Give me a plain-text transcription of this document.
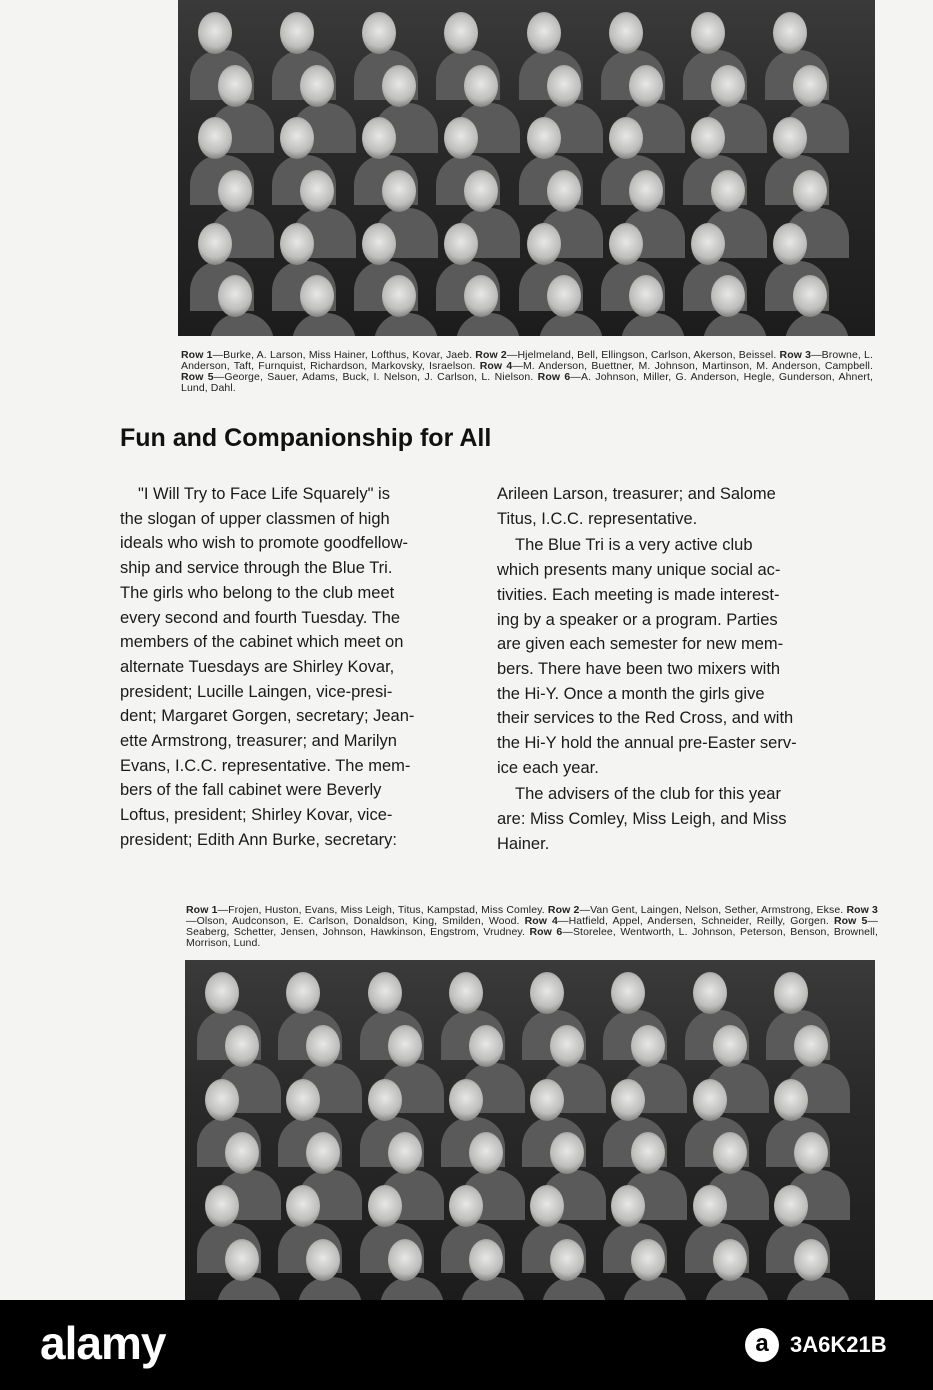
Row 1—Burke, A. Larson, Miss Hainer, Lofthus, Kovar, Jaeb. Row 2—Hjelmeland, Bell, Ellingson, Carlson, Akerson, Beissel. Row 3—Browne, L. Anderson, Taft, Furnquist, Richardson, Markovsky, Israelson. Row 4—M. Anderson, Buettner, M. Johnson, Martinson, M. Anderson, Campbell. Row 5—George, Sauer, Adams, Buck, I. Nelson, J. Carlson, L. Nielson. Row 6—A. Johnson, Miller, G. Anderson, Hegle, Gunderson, Ahnert, Lund, Dahl.
Fun and Companionship for All
"I Will Try to Face Life Squarely" is
the slogan of upper classmen of high
ideals who wish to promote goodfellow-
ship and service through the Blue Tri.
The girls who belong to the club meet
every second and fourth Tuesday. The
members of the cabinet which meet on
alternate Tuesdays are Shirley Kovar,
president; Lucille Laingen, vice-presi-
dent; Margaret Gorgen, secretary; Jean-
ette Armstrong, treasurer; and Marilyn
Evans, I.C.C. representative. The mem-
bers of the fall cabinet were Beverly
Loftus, president; Shirley Kovar, vice-
president; Edith Ann Burke, secretary:
Arileen Larson, treasurer; and Salome
Titus, I.C.C. representative.
The Blue Tri is a very active club
which presents many unique social ac-
tivities. Each meeting is made interest-
ing by a speaker or a program. Parties
are given each semester for new mem-
bers. There have been two mixers with
the Hi-Y. Once a month the girls give
their services to the Red Cross, and with
the Hi-Y hold the annual pre-Easter serv-
ice each year.
The advisers of the club for this year
are: Miss Comley, Miss Leigh, and Miss
Hainer.
Row 1—Frojen, Huston, Evans, Miss Leigh, Titus, Kampstad, Miss Comley. Row 2—Van Gent, Laingen, Nelson, Sether, Armstrong, Ekse. Row 3—Olson, Audconson, E. Carlson, Donaldson, King, Smilden, Wood. Row 4—Hatfield, Appel, Andersen, Schneider, Reilly, Gorgen. Row 5—Seaberg, Schetter, Jensen, Johnson, Hawkinson, Engstrom, Vrudney. Row 6—Storelee, Wentworth, L. Johnson, Peterson, Benson, Brownell, Morrison, Lund.
alamy	a 3A6K21B
